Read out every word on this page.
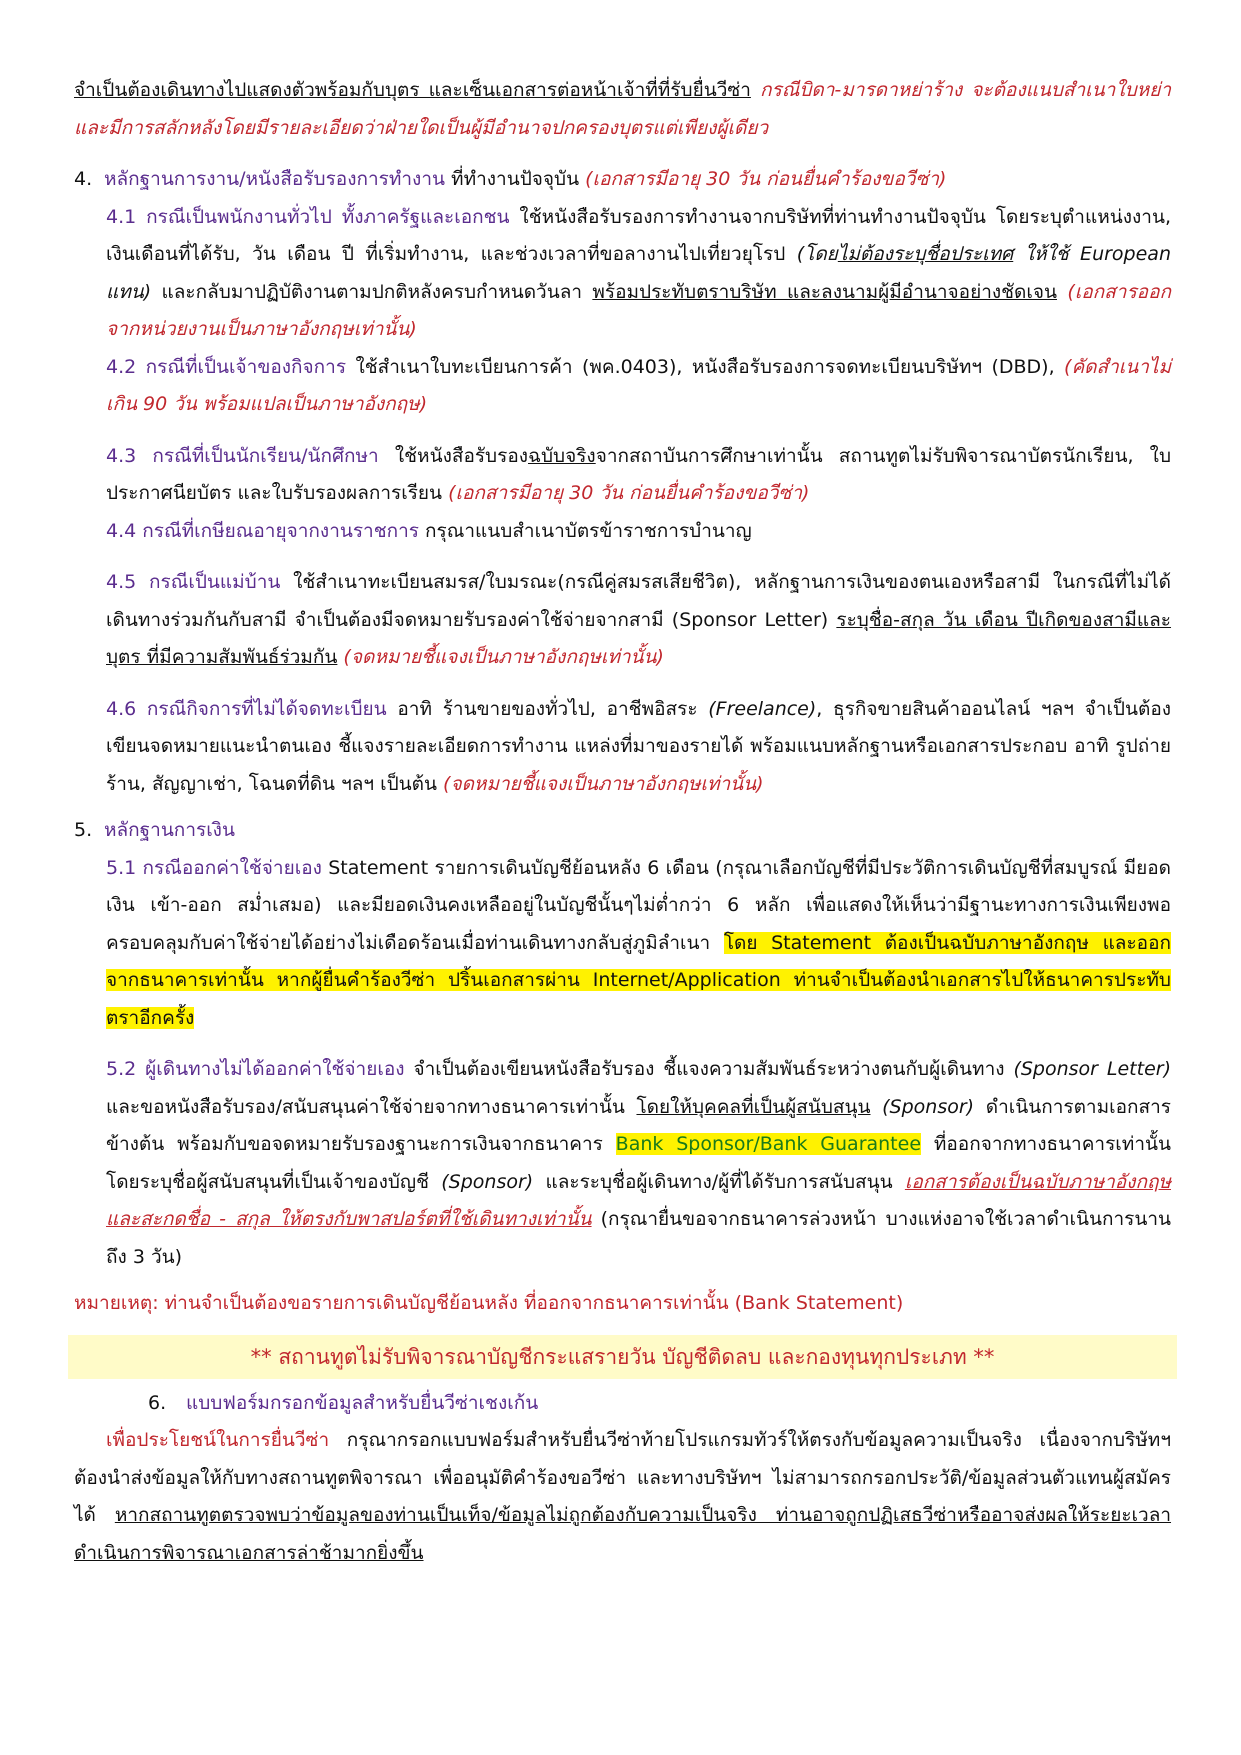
จำเป็นต้องเดินทางไปแสดงตัวพร้อมกับบุตร และเซ็นเอกสารต่อหน้าเจ้าที่ที่รับยื่นวีซ่า กรณีบิดา-มารดาหย่าร้าง จะต้องแนบสำเนาใบหย่า และมีการสลักหลังโดยมีรายละเอียดว่าฝ่ายใดเป็นผู้มีอำนาจปกครองบุตรแต่เพียงผู้เดียว

4. หลักฐานการงาน/หนังสือรับรองการทำงาน ที่ทำงานปัจจุบัน (เอกสารมีอายุ 30 วัน ก่อนยื่นคำร้องขอวีซ่า)

4.1 กรณีเป็นพนักงานทั่วไป ทั้งภาครัฐและเอกชน ใช้หนังสือรับรองการทำงานจากบริษัทที่ท่านทำงานปัจจุบัน โดยระบุตำแหน่งงาน, เงินเดือนที่ได้รับ, วัน เดือน ปี ที่เริ่มทำงาน, และช่วงเวลาที่ขอลางานไปเที่ยวยุโรป (โดยไม่ต้องระบุชื่อประเทศ ให้ใช้ European แทน) และกลับมาปฏิบัติงานตามปกติหลังครบกำหนดวันลา พร้อมประทับตราบริษัท และลงนามผู้มีอำนาจอย่างชัดเจน (เอกสารออกจากหน่วยงานเป็นภาษาอังกฤษเท่านั้น)

4.2 กรณีที่เป็นเจ้าของกิจการ ใช้สำเนาใบทะเบียนการค้า (พค.0403), หนังสือรับรองการจดทะเบียนบริษัทฯ (DBD), (คัดสำเนาไม่เกิน 90 วัน พร้อมแปลเป็นภาษาอังกฤษ)

4.3 กรณีที่เป็นนักเรียน/นักศึกษา ใช้หนังสือรับรองฉบับจริงจากสถาบันการศึกษาเท่านั้น สถานทูตไม่รับพิจารณาบัตรนักเรียน, ใบประกาศนียบัตร และใบรับรองผลการเรียน (เอกสารมีอายุ 30 วัน ก่อนยื่นคำร้องขอวีซ่า)

4.4 กรณีที่เกษียณอายุจากงานราชการ กรุณาแนบสำเนาบัตรข้าราชการบำนาญ

4.5 กรณีเป็นแม่บ้าน ใช้สำเนาทะเบียนสมรส/ใบมรณะ(กรณีคู่สมรสเสียชีวิต), หลักฐานการเงินของตนเองหรือสามี ในกรณีที่ไม่ได้เดินทางร่วมกันกับสามี จำเป็นต้องมีจดหมายรับรองค่าใช้จ่ายจากสามี (Sponsor Letter) ระบุชื่อ-สกุล วัน เดือน ปีเกิดของสามีและบุตร ที่มีความสัมพันธ์ร่วมกัน (จดหมายชี้แจงเป็นภาษาอังกฤษเท่านั้น)

4.6 กรณีกิจการที่ไม่ได้จดทะเบียน อาทิ ร้านขายของทั่วไป, อาชีพอิสระ (Freelance), ธุรกิจขายสินค้าออนไลน์ ฯลฯ จำเป็นต้องเขียนจดหมายแนะนำตนเอง ชี้แจงรายละเอียดการทำงาน แหล่งที่มาของรายได้ พร้อมแนบหลักฐานหรือเอกสารประกอบ อาทิ รูปถ่ายร้าน, สัญญาเช่า, โฉนดที่ดิน ฯลฯ เป็นต้น (จดหมายชี้แจงเป็นภาษาอังกฤษเท่านั้น)

5. หลักฐานการเงิน

5.1 กรณีออกค่าใช้จ่ายเอง Statement รายการเดินบัญชีย้อนหลัง 6 เดือน (กรุณาเลือกบัญชีที่มีประวัติการเดินบัญชีที่สมบูรณ์ มียอดเงิน เข้า-ออก สม่ำเสมอ) และมียอดเงินคงเหลืออยู่ในบัญชีนั้นๆไม่ต่ำกว่า 6 หลัก เพื่อแสดงให้เห็นว่ามีฐานะทางการเงินเพียงพอ ครอบคลุมกับค่าใช้จ่ายได้อย่างไม่เดือดร้อนเมื่อท่านเดินทางกลับสู่ภูมิลำเนา โดย Statement ต้องเป็นฉบับภาษาอังกฤษ และออกจากธนาคารเท่านั้น หากผู้ยื่นคำร้องวีซ่า ปริ้นเอกสารผ่าน Internet/Application ท่านจำเป็นต้องนำเอกสารไปให้ธนาคารประทับตราอีกครั้ง

5.2 ผู้เดินทางไม่ได้ออกค่าใช้จ่ายเอง จำเป็นต้องเขียนหนังสือรับรอง ชี้แจงความสัมพันธ์ระหว่างตนกับผู้เดินทาง (Sponsor Letter) และขอหนังสือรับรอง/สนับสนุนค่าใช้จ่ายจากทางธนาคารเท่านั้น โดยให้บุคคลที่เป็นผู้สนับสนุน (Sponsor) ดำเนินการตามเอกสารข้างต้น พร้อมกับขอจดหมายรับรองฐานะการเงินจากธนาคาร Bank Sponsor/Bank Guarantee ที่ออกจากทางธนาคารเท่านั้น โดยระบุชื่อผู้สนับสนุนที่เป็นเจ้าของบัญชี (Sponsor) และระบุชื่อผู้เดินทาง/ผู้ที่ได้รับการสนับสนุน เอกสารต้องเป็นฉบับภาษาอังกฤษ และสะกดชื่อ - สกุล ให้ตรงกับพาสปอร์ตที่ใช้เดินทางเท่านั้น (กรุณายื่นขอจากธนาคารล่วงหน้า บางแห่งอาจใช้เวลาดำเนินการนานถึง 3 วัน)

หมายเหตุ: ท่านจำเป็นต้องขอรายการเดินบัญชีย้อนหลัง ที่ออกจากธนาคารเท่านั้น (Bank Statement)

** สถานทูตไม่รับพิจารณาบัญชีกระแสรายวัน บัญชีติดลบ และกองทุนทุกประเภท **

6.	แบบฟอร์มกรอกข้อมูลสำหรับยื่นวีซ่าเชงเก้น

เพื่อประโยชน์ในการยื่นวีซ่า กรุณากรอกแบบฟอร์มสำหรับยื่นวีซ่าท้ายโปรแกรมทัวร์ให้ตรงกับข้อมูลความเป็นจริง เนื่องจากบริษัทฯ ต้องนำส่งข้อมูลให้กับทางสถานทูตพิจารณา เพื่ออนุมัติคำร้องขอวีซ่า และทางบริษัทฯ ไม่สามารถกรอกประวัติ/ข้อมูลส่วนตัวแทนผู้สมัครได้ หากสถานทูตตรวจพบว่าข้อมูลของท่านเป็นเท็จ/ข้อมูลไม่ถูกต้องกับความเป็นจริง ท่านอาจถูกปฏิเสธวีซ่าหรืออาจส่งผลให้ระยะเวลาดำเนินการพิจารณาเอกสารล่าช้ามากยิ่งขึ้น
